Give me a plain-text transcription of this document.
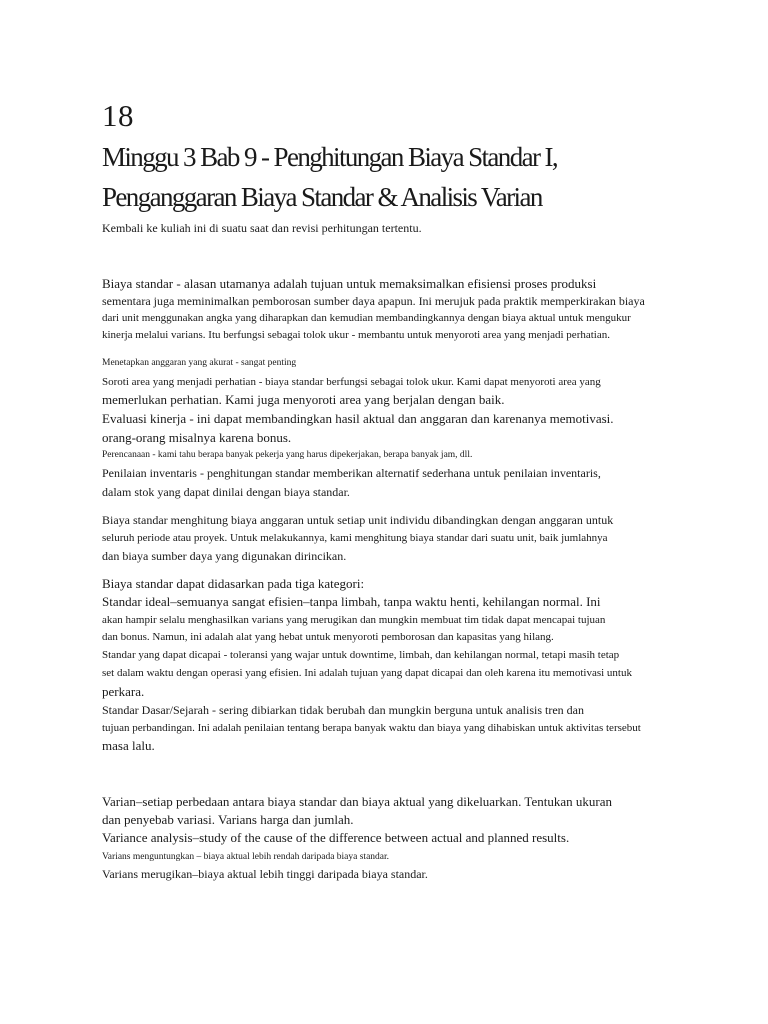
18
Minggu 3 Bab 9 - Penghitungan Biaya Standar I,
Penganggaran Biaya Standar & Analisis Varian
Kembali ke kuliah ini di suatu saat dan revisi perhitungan tertentu.
Biaya standar - alasan utamanya adalah tujuan untuk memaksimalkan efisiensi proses produksi
sementara juga meminimalkan pemborosan sumber daya apapun. Ini merujuk pada praktik memperkirakan biaya
dari unit menggunakan angka yang diharapkan dan kemudian membandingkannya dengan biaya aktual untuk mengukur
kinerja melalui varians. Itu berfungsi sebagai tolok ukur - membantu untuk menyoroti area yang menjadi perhatian.
Menetapkan anggaran yang akurat - sangat penting
Soroti area yang menjadi perhatian - biaya standar berfungsi sebagai tolok ukur. Kami dapat menyoroti area yang
memerlukan perhatian. Kami juga menyoroti area yang berjalan dengan baik.
Evaluasi kinerja - ini dapat membandingkan hasil aktual dan anggaran dan karenanya memotivasi.
orang-orang misalnya karena bonus.
Perencanaan - kami tahu berapa banyak pekerja yang harus dipekerjakan, berapa banyak jam, dll.
Penilaian inventaris - penghitungan standar memberikan alternatif sederhana untuk penilaian inventaris,
dalam stok yang dapat dinilai dengan biaya standar.
Biaya standar menghitung biaya anggaran untuk setiap unit individu dibandingkan dengan anggaran untuk
seluruh periode atau proyek. Untuk melakukannya, kami menghitung biaya standar dari suatu unit, baik jumlahnya
dan biaya sumber daya yang digunakan dirincikan.
Biaya standar dapat didasarkan pada tiga kategori:
Standar ideal–semuanya sangat efisien–tanpa limbah, tanpa waktu henti, kehilangan normal. Ini
akan hampir selalu menghasilkan varians yang merugikan dan mungkin membuat tim tidak dapat mencapai tujuan
dan bonus. Namun, ini adalah alat yang hebat untuk menyoroti pemborosan dan kapasitas yang hilang.
Standar yang dapat dicapai - toleransi yang wajar untuk downtime, limbah, dan kehilangan normal, tetapi masih tetap
set dalam waktu dengan operasi yang efisien. Ini adalah tujuan yang dapat dicapai dan oleh karena itu memotivasi untuk
perkara.
Standar Dasar/Sejarah - sering dibiarkan tidak berubah dan mungkin berguna untuk analisis tren dan
tujuan perbandingan. Ini adalah penilaian tentang berapa banyak waktu dan biaya yang dihabiskan untuk aktivitas tersebut
masa lalu.
Varian–setiap perbedaan antara biaya standar dan biaya aktual yang dikeluarkan. Tentukan ukuran
dan penyebab variasi. Varians harga dan jumlah.
Variance analysis–study of the cause of the difference between actual and planned results.
Varians menguntungkan – biaya aktual lebih rendah daripada biaya standar.
Varians merugikan–biaya aktual lebih tinggi daripada biaya standar.
